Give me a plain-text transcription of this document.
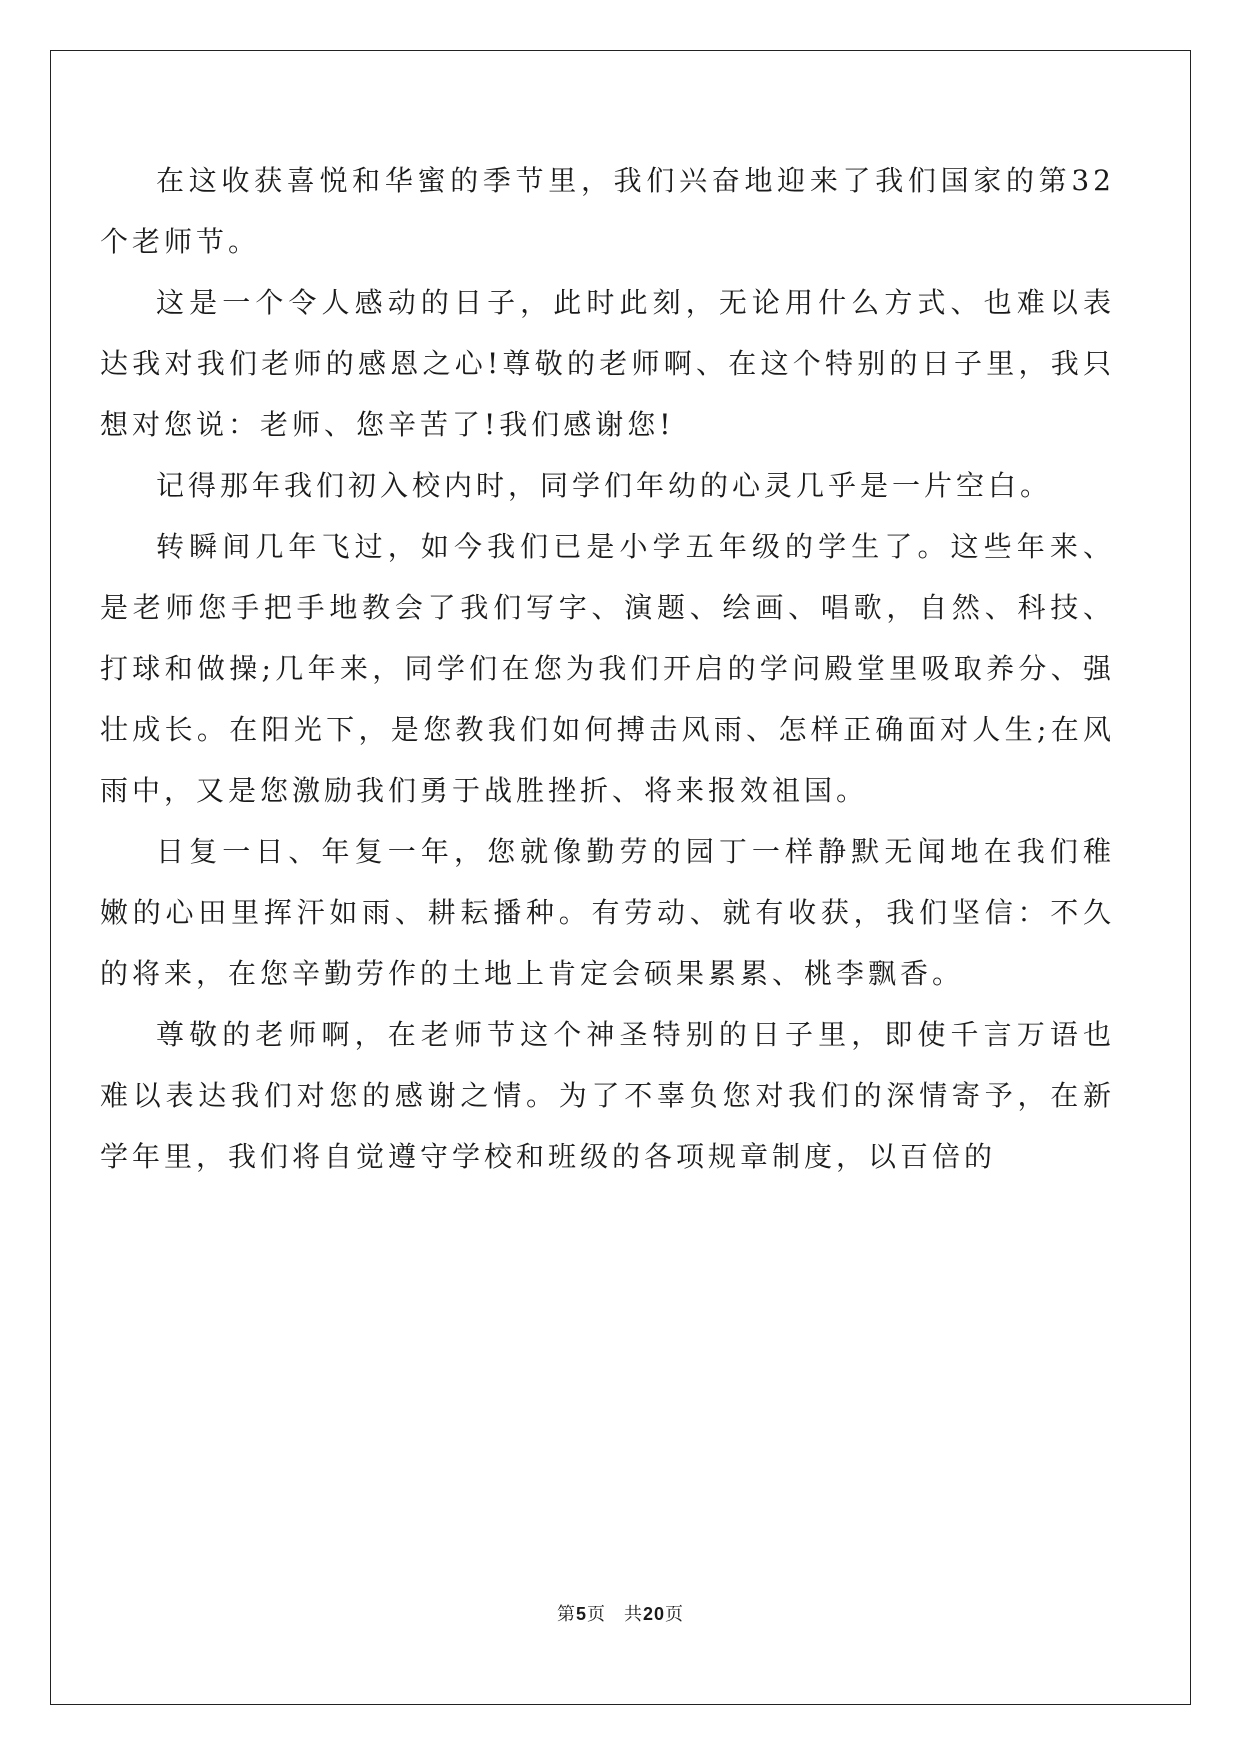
在这收获喜悦和华蜜的季节里，我们兴奋地迎来了我们国家的第32个老师节。

这是一个令人感动的日子，此时此刻，无论用什么方式、也难以表达我对我们老师的感恩之心!尊敬的老师啊、在这个特别的日子里，我只想对您说：老师、您辛苦了!我们感谢您!

记得那年我们初入校内时，同学们年幼的心灵几乎是一片空白。

转瞬间几年飞过，如今我们已是小学五年级的学生了。这些年来、是老师您手把手地教会了我们写字、演题、绘画、唱歌，自然、科技、打球和做操;几年来，同学们在您为我们开启的学问殿堂里吸取养分、强壮成长。在阳光下，是您教我们如何搏击风雨、怎样正确面对人生;在风雨中，又是您激励我们勇于战胜挫折、将来报效祖国。

日复一日、年复一年，您就像勤劳的园丁一样静默无闻地在我们稚嫩的心田里挥汗如雨、耕耘播种。有劳动、就有收获，我们坚信：不久的将来，在您辛勤劳作的土地上肯定会硕果累累、桃李飘香。

尊敬的老师啊，在老师节这个神圣特别的日子里，即使千言万语也难以表达我们对您的感谢之情。为了不辜负您对我们的深情寄予，在新学年里，我们将自觉遵守学校和班级的各项规章制度，以百倍的

第5页 共20页
